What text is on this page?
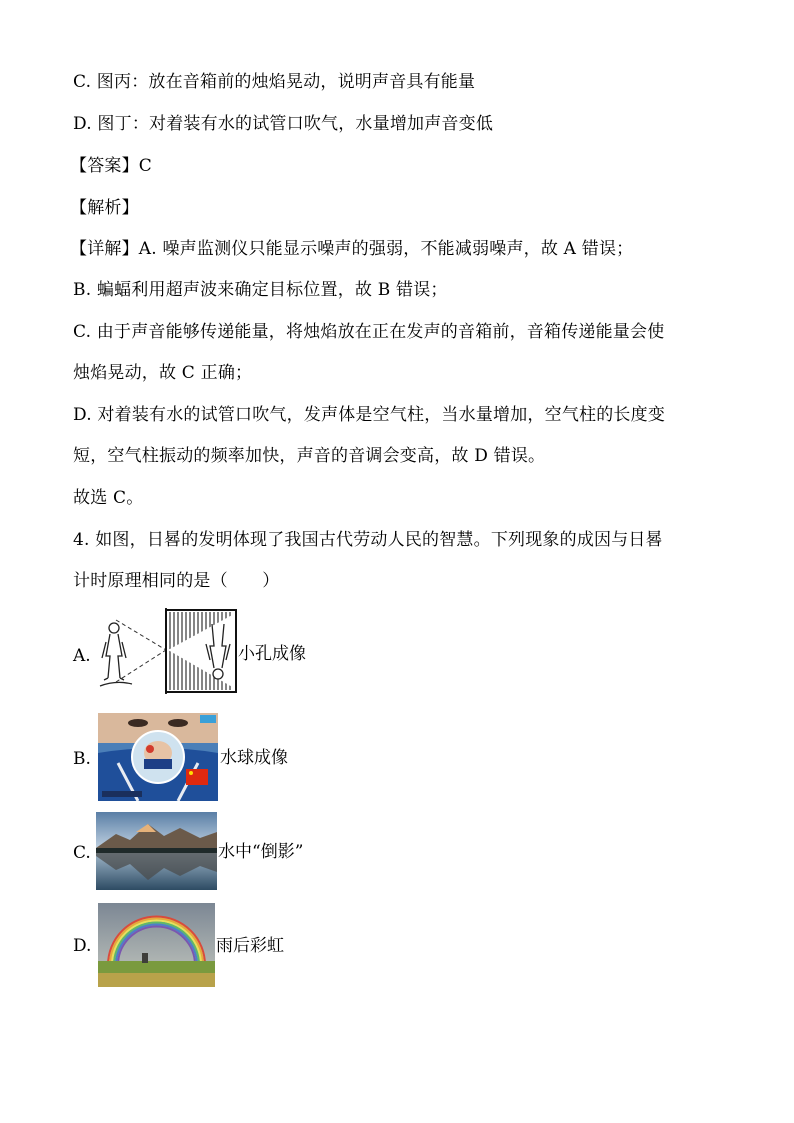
C. 图丙：放在音箱前的烛焰晃动，说明声音具有能量
D. 图丁：对着装有水的试管口吹气，水量增加声音变低
【答案】C
【解析】
【详解】A. 噪声监测仪只能显示噪声的强弱，不能减弱噪声，故 A 错误；
B. 蝙蝠利用超声波来确定目标位置，故 B 错误；
C. 由于声音能够传递能量，将烛焰放在正在发声的音箱前，音箱传递能量会使
烛焰晃动，故 C 正确；
D. 对着装有水的试管口吹气，发声体是空气柱，当水量增加，空气柱的长度变
短，空气柱振动的频率加快，声音的音调会变高，故 D 错误。
故选 C。
4. 如图，日晷的发明体现了我国古代劳动人民的智慧。下列现象的成因与日晷
计时原理相同的是（　　）
A.	小孔成像
B.	水球成像
C.	水中“倒影”
D.	雨后彩虹
